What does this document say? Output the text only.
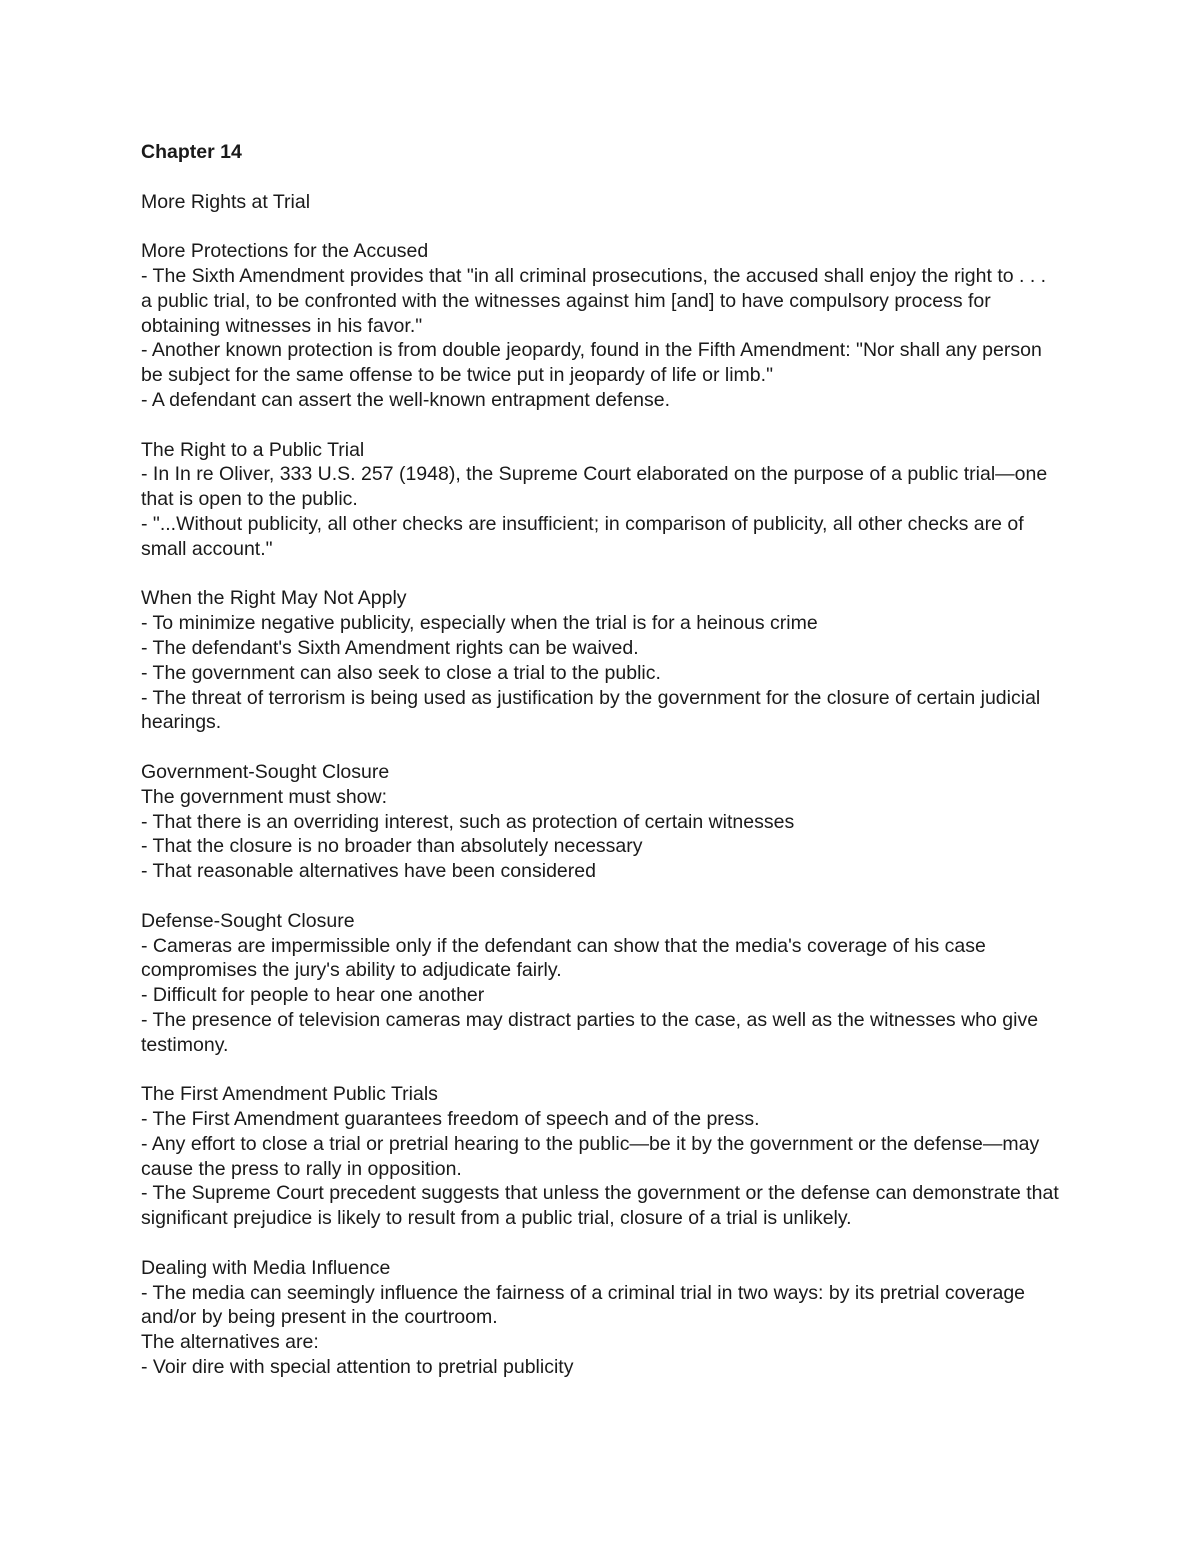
Chapter 14
More Rights at Trial
More Protections for the Accused
- The Sixth Amendment provides that "in all criminal prosecutions, the accused shall enjoy the right to . . . a public trial, to be confronted with the witnesses against him [and] to have compulsory process for obtaining witnesses in his favor."
- Another known protection is from double jeopardy, found in the Fifth Amendment: "Nor shall any person be subject for the same offense to be twice put in jeopardy of life or limb."
- A defendant can assert the well-known entrapment defense.
The Right to a Public Trial
- In In re Oliver, 333 U.S. 257 (1948), the Supreme Court elaborated on the purpose of a public trial—one that is open to the public.
- "...Without publicity, all other checks are insufficient; in comparison of publicity, all other checks are of small account."
When the Right May Not Apply
- To minimize negative publicity, especially when the trial is for a heinous crime
- The defendant's Sixth Amendment rights can be waived.
- The government can also seek to close a trial to the public.
- The threat of terrorism is being used as justification by the government for the closure of certain judicial hearings.
Government-Sought Closure
The government must show:
- That there is an overriding interest, such as protection of certain witnesses
- That the closure is no broader than absolutely necessary
- That reasonable alternatives have been considered
Defense-Sought Closure
- Cameras are impermissible only if the defendant can show that the media's coverage of his case compromises the jury's ability to adjudicate fairly.
- Difficult for people to hear one another
- The presence of television cameras may distract parties to the case, as well as the witnesses who give testimony.
The First Amendment Public Trials
- The First Amendment guarantees freedom of speech and of the press.
- Any effort to close a trial or pretrial hearing to the public—be it by the government or the defense—may cause the press to rally in opposition.
- The Supreme Court precedent suggests that unless the government or the defense can demonstrate that significant prejudice is likely to result from a public trial, closure of a trial is unlikely.
Dealing with Media Influence
- The media can seemingly influence the fairness of a criminal trial in two ways: by its pretrial coverage and/or by being present in the courtroom.
The alternatives are:
- Voir dire with special attention to pretrial publicity
